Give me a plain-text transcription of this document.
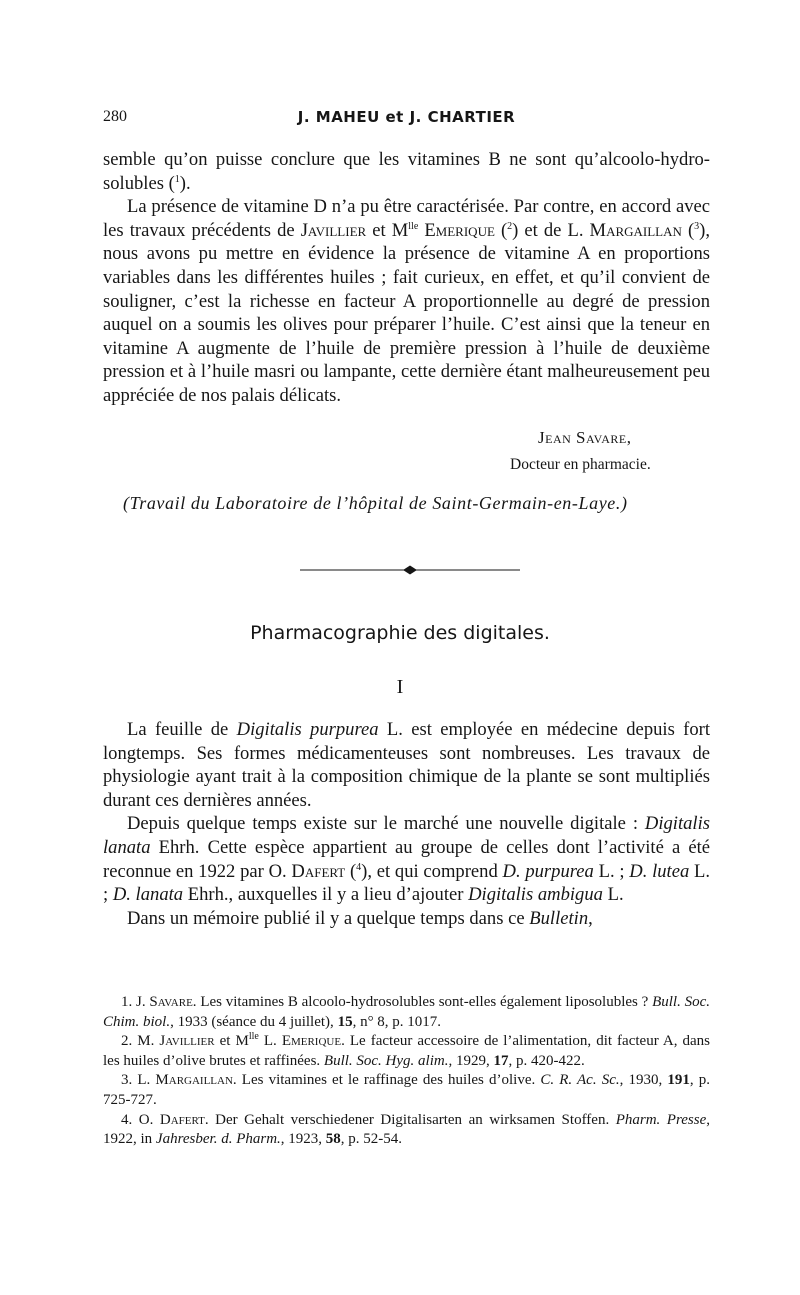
280	J. MAHEU et J. CHARTIER

semble qu’on puisse conclure que les vitamines B ne sont qu’alcoolo-hydro-solubles ($^1$).

La présence de vitamine D n’a pu être caractérisée. Par contre, en accord avec les travaux précédents de Javillier et $M^{lle}$ Emerique ($^2$) et de L. Margaillan ($^3$), nous avons pu mettre en évidence la présence de vitamine A en proportions variables dans les différentes huiles ; fait curieux, en effet, et qu’il convient de souligner, c’est la richesse en facteur A proportionnelle au degré de pression auquel on a soumis les olives pour préparer l’huile. C’est ainsi que la teneur en vitamine A augmente de l’huile de première pression à l’huile de deuxième pression et à l’huile masri ou lampante, cette dernière étant malheureusement peu appréciée de nos palais délicats.

Jean Savare,
Docteur en pharmacie.
(Travail du Laboratoire de l’hôpital de Saint-Germain-en-Laye.)
Pharmacographie des digitales.
I

La feuille de Digitalis purpurea L. est employée en médecine depuis fort longtemps. Ses formes médicamenteuses sont nombreuses. Les travaux de physiologie ayant trait à la composition chimique de la plante se sont multipliés durant ces dernières années.

Depuis quelque temps existe sur le marché une nouvelle digitale : Digitalis lanata Ehrh. Cette espèce appartient au groupe de celles dont l’activité a été reconnue en 1922 par O. Dafert ($^4$), et qui comprend D. purpurea L. ; D. lutea L. ; D. lanata Ehrh., auxquelles il y a lieu d’ajouter Digitalis ambigua L.

Dans un mémoire publié il y a quelque temps dans ce Bulletin,

1. J. Savare. Les vitamines B alcoolo-hydrosolubles sont-elles également liposolubles ? Bull. Soc. Chim. biol., 1933 (séance du 4 juillet), 15, n° 8, p. 1017.

2. M. Javillier et $M^{lle}$ L. Emerique. Le facteur accessoire de l’alimentation, dit facteur A, dans les huiles d’olive brutes et raffinées. Bull. Soc. Hyg. alim., 1929, 17, p. 420-422.

3. L. Margaillan. Les vitamines et le raffinage des huiles d’olive. C. R. Ac. Sc., 1930, 191, p. 725-727.

4. O. Dafert. Der Gehalt verschiedener Digitalisarten an wirksamen Stoffen. Pharm. Presse, 1922, in Jahresber. d. Pharm., 1923, 58, p. 52-54.
